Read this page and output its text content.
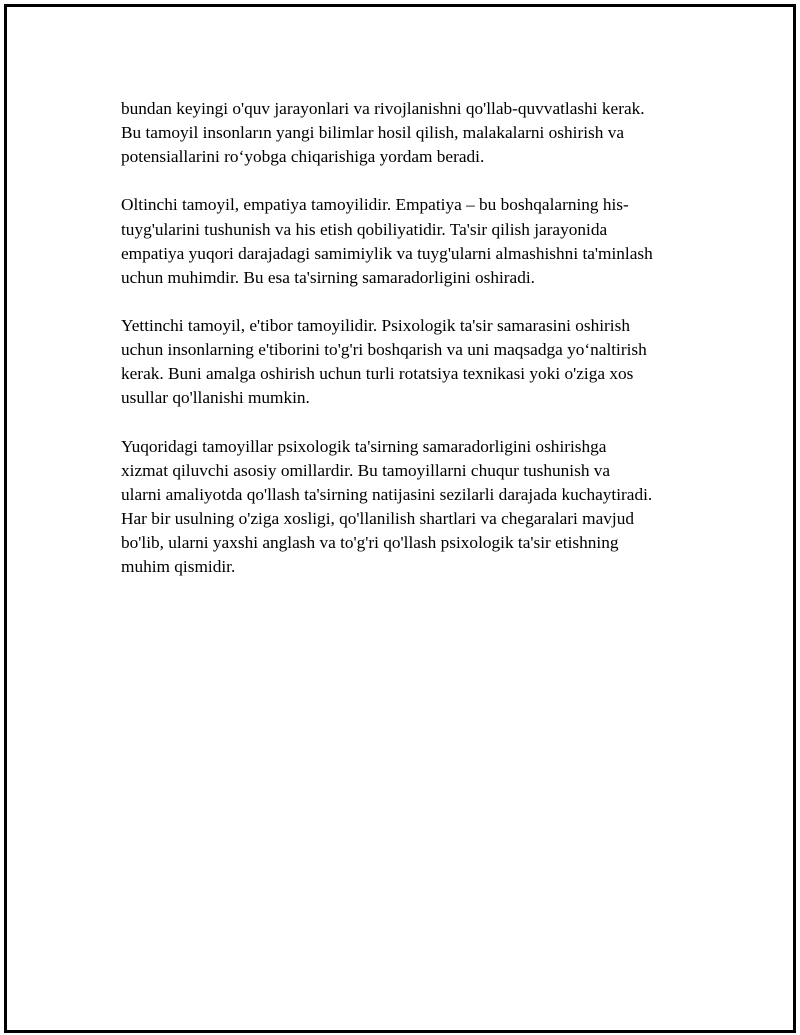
bundan keyingi o'quv jarayonlari va rivojlanishni qo'llab-quvvatlashi kerak.
Bu tamoyil insonların yangi bilimlar hosil qilish, malakalarni oshirish va
potensiallarini ro‘yobga chiqarishiga yordam beradi.

Oltinchi tamoyil, empatiya tamoyilidir. Empatiya – bu boshqalarning his-
tuyg'ularini tushunish va his etish qobiliyatidir. Ta'sir qilish jarayonida
empatiya yuqori darajadagi samimiylik va tuyg'ularni almashishni ta'minlash
uchun muhimdir. Bu esa ta'sirning samaradorligini oshiradi.

Yettinchi tamoyil, e'tibor tamoyilidir. Psixologik ta'sir samarasini oshirish
uchun insonlarning e'tiborini to'g'ri boshqarish va uni maqsadga yo‘naltirish
kerak. Buni amalga oshirish uchun turli rotatsiya texnikasi yoki o'ziga xos
usullar qo'llanishi mumkin.

Yuqoridagi tamoyillar psixologik ta'sirning samaradorligini oshirishga
xizmat qiluvchi asosiy omillardir. Bu tamoyillarni chuqur tushunish va
ularni amaliyotda qo'llash ta'sirning natijasini sezilarli darajada kuchaytiradi.
Har bir usulning o'ziga xosligi, qo'llanilish shartlari va chegaralari mavjud
bo'lib, ularni yaxshi anglash va to'g'ri qo'llash psixologik ta'sir etishning
muhim qismidir.
